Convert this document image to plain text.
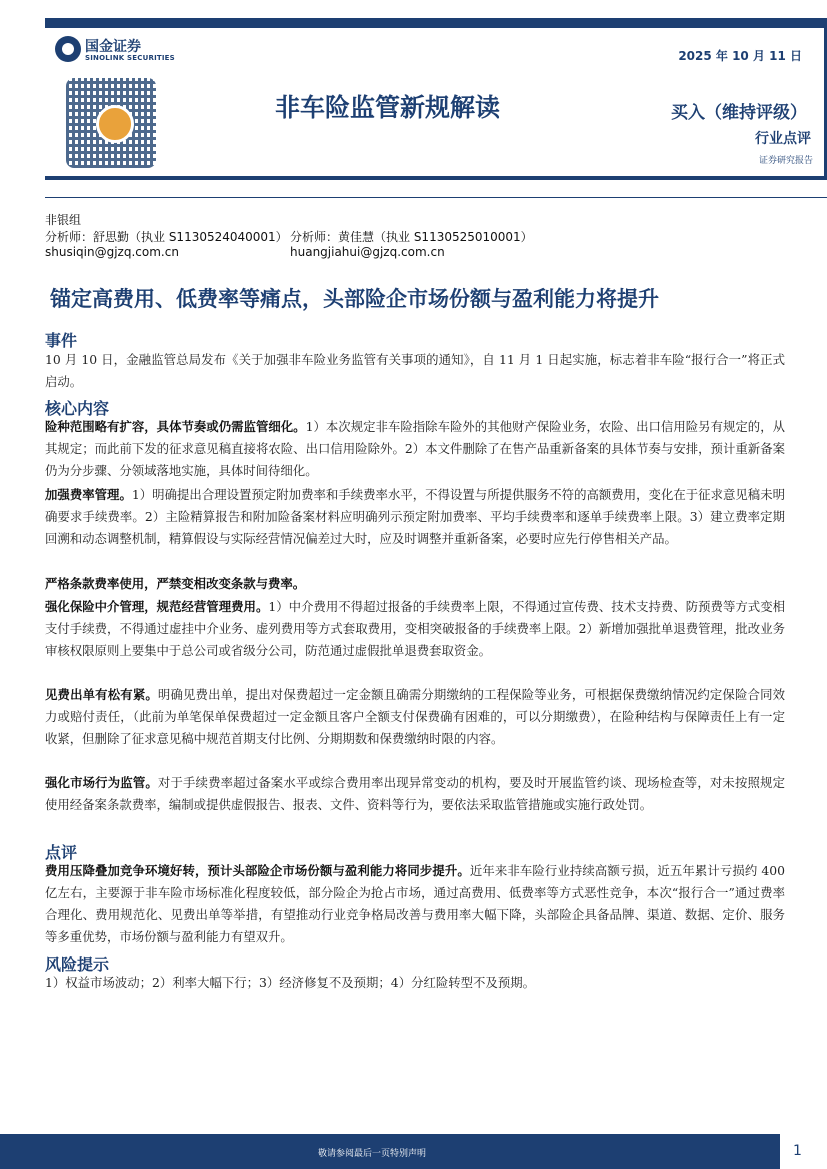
国金证券
SINOLINK SECURITIES	2025 年 10 月 11 日
非车险监管新规解读	买入（维持评级）
行业点评
证券研究报告
非银组
分析师：舒思勤（执业 S1130524040001） 分析师：黄佳慧（执业 S1130525010001）
shusiqin@gjzq.com.cn	huangjiahui@gjzq.com.cn
锚定高费用、低费率等痛点，头部险企市场份额与盈利能力将提升
事件
10 月 10 日，金融监管总局发布《关于加强非车险业务监管有关事项的通知》，自 11 月 1 日起实施，标志着非车险“报行合一”将正式启动。
核心内容
险种范围略有扩容，具体节奏或仍需监管细化。1）本次规定非车险指除车险外的其他财产保险业务，农险、出口信用险另有规定的，从其规定；而此前下发的征求意见稿直接将农险、出口信用险除外。2）本文件删除了在售产品重新备案的具体节奏与安排，预计重新备案仍为分步骤、分领域落地实施，具体时间待细化。
加强费率管理。1）明确提出合理设置预定附加费率和手续费率水平，不得设置与所提供服务不符的高额费用，变化在于征求意见稿未明确要求手续费率。2）主险精算报告和附加险备案材料应明确列示预定附加费率、平均手续费率和逐单手续费率上限。3）建立费率定期回溯和动态调整机制，精算假设与实际经营情况偏差过大时，应及时调整并重新备案，必要时应先行停售相关产品。
严格条款费率使用，严禁变相改变条款与费率。
强化保险中介管理，规范经营管理费用。1）中介费用不得超过报备的手续费率上限，不得通过宣传费、技术支持费、防预费等方式变相支付手续费，不得通过虚挂中介业务、虚列费用等方式套取费用，变相突破报备的手续费率上限。2）新增加强批单退费管理，批改业务审核权限原则上要集中于总公司或省级分公司，防范通过虚假批单退费套取资金。
见费出单有松有紧。明确见费出单，提出对保费超过一定金额且确需分期缴纳的工程保险等业务，可根据保费缴纳情况约定保险合同效力或赔付责任，（此前为单笔保单保费超过一定金额且客户全额支付保费确有困难的，可以分期缴费），在险种结构与保障责任上有一定收紧，但删除了征求意见稿中规范首期支付比例、分期期数和保费缴纳时限的内容。
强化市场行为监管。对于手续费率超过备案水平或综合费用率出现异常变动的机构，要及时开展监管约谈、现场检查等，对未按照规定使用经备案条款费率，编制或提供虚假报告、报表、文件、资料等行为，要依法采取监管措施或实施行政处罚。
点评
费用压降叠加竞争环境好转，预计头部险企市场份额与盈利能力将同步提升。近年来非车险行业持续高额亏损，近五年累计亏损约 400 亿左右，主要源于非车险市场标准化程度较低，部分险企为抢占市场，通过高费用、低费率等方式恶性竞争，本次“报行合一”通过费率合理化、费用规范化、见费出单等举措，有望推动行业竞争格局改善与费用率大幅下降，头部险企具备品牌、渠道、数据、定价、服务等多重优势，市场份额与盈利能力有望双升。
风险提示
1）权益市场波动；2）利率大幅下行；3）经济修复不及预期；4）分红险转型不及预期。
敬请参阅最后一页特别声明	1
